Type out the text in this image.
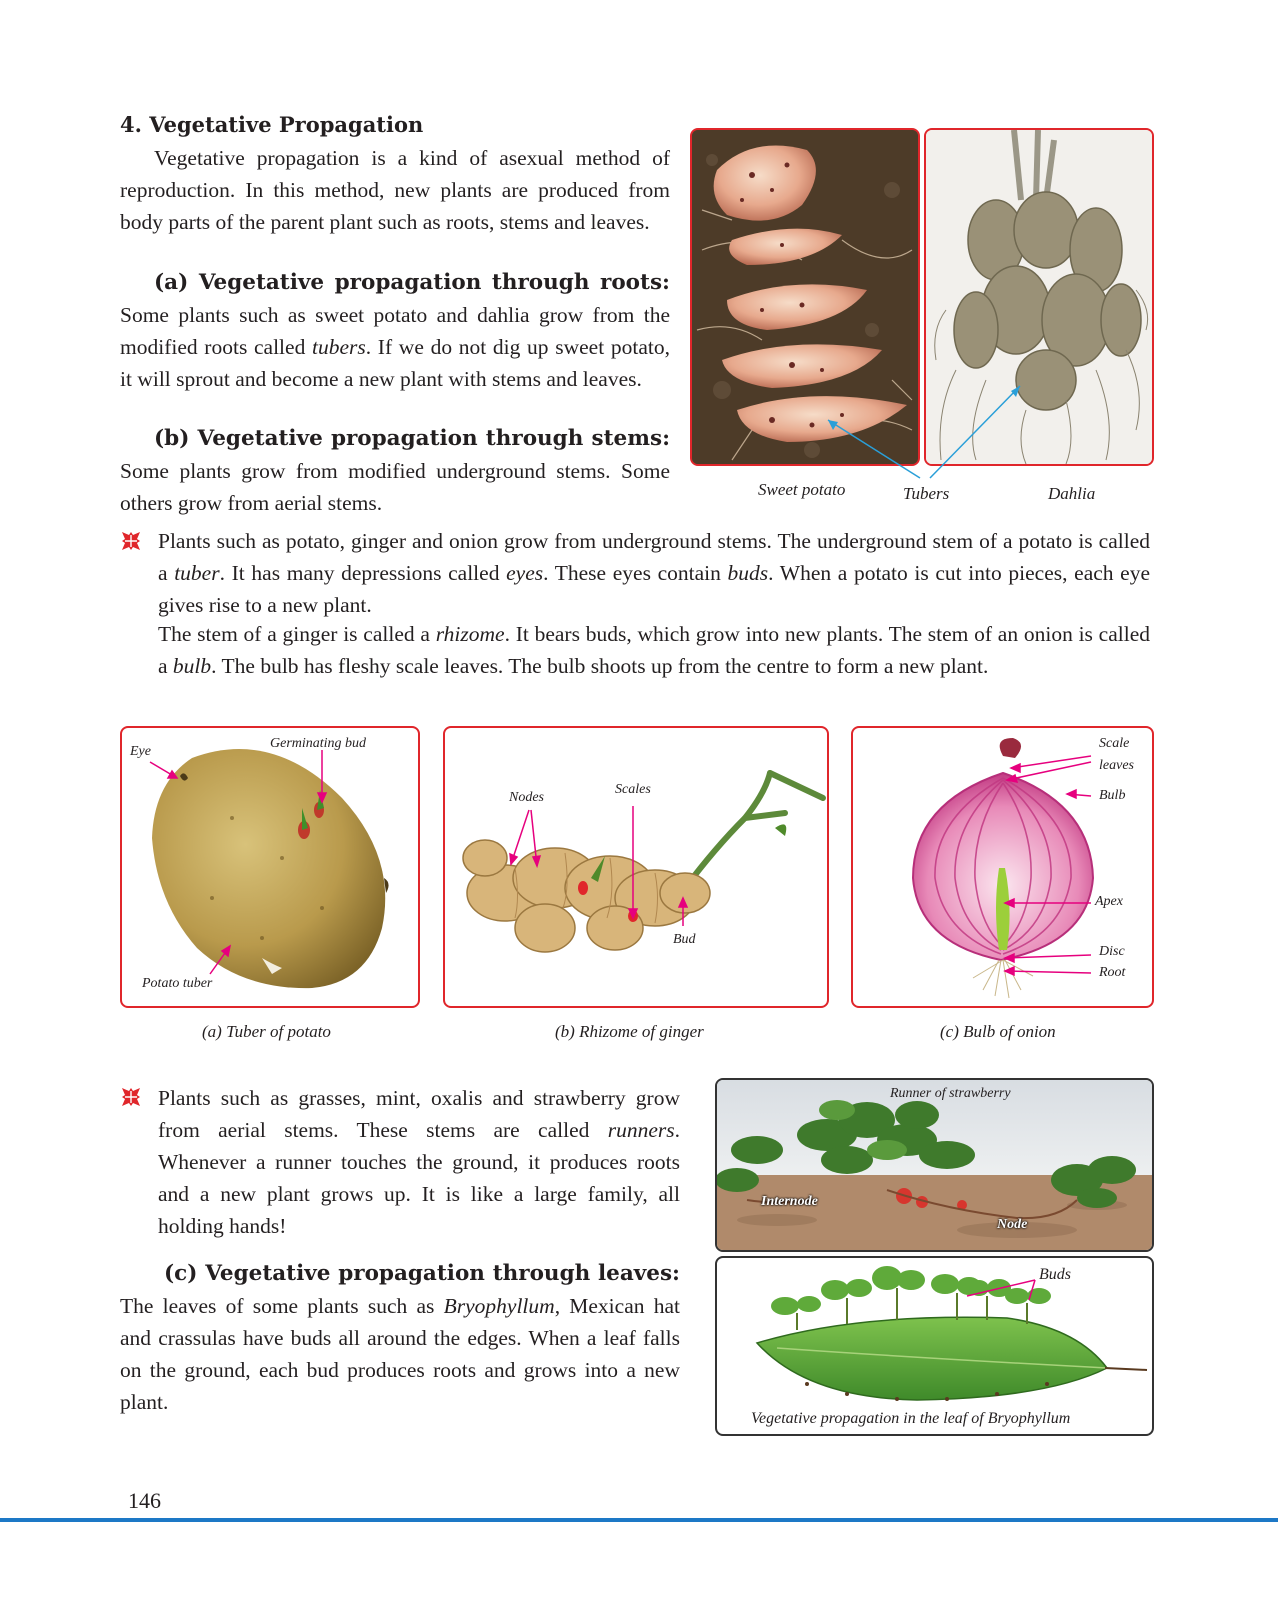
4. Vegetative Propagation

Vegetative propagation is a kind of asexual method of reproduction. In this method, new plants are produced from body parts of the parent plant such as roots, stems and leaves.

(a) Vegetative propagation through roots: Some plants such as sweet potato and dahlia grow from the modified roots called tubers. If we do not dig up sweet potato, it will sprout and become a new plant with stems and leaves.

(b) Vegetative propagation through stems: Some plants grow from modified underground stems. Some others grow from aerial stems.

Sweet potato	Tubers	Dahlia

Plants such as potato, ginger and onion grow from underground stems. The underground stem of a potato is called a tuber. It has many depressions called eyes. These eyes contain buds. When a potato is cut into pieces, each eye gives rise to a new plant.

The stem of a ginger is called a rhizome. It bears buds, which grow into new plants. The stem of an onion is called a bulb. The bulb has fleshy scale leaves. The bulb shoots up from the centre to form a new plant.

Eye
Germinating bud
Potato tuber
Nodes
Scales
Bud
Scale
leaves
Bulb
Apex
Disc
Root
(a) Tuber of potato	(b) Rhizome of ginger	(c) Bulb of onion

Plants such as grasses, mint, oxalis and strawberry grow from aerial stems. These stems are called runners. Whenever a runner touches the ground, it produces roots and a new plant grows up. It is like a large family, all holding hands!

Runner of strawberry
Internode
Node

(c) Vegetative propagation through leaves: The leaves of some plants such as Bryophyllum, Mexican hat and crassulas have buds all around the edges. When a leaf falls on the ground, each bud produces roots and grows into a new plant.

Buds
Vegetative propagation in the leaf of Bryophyllum
146
